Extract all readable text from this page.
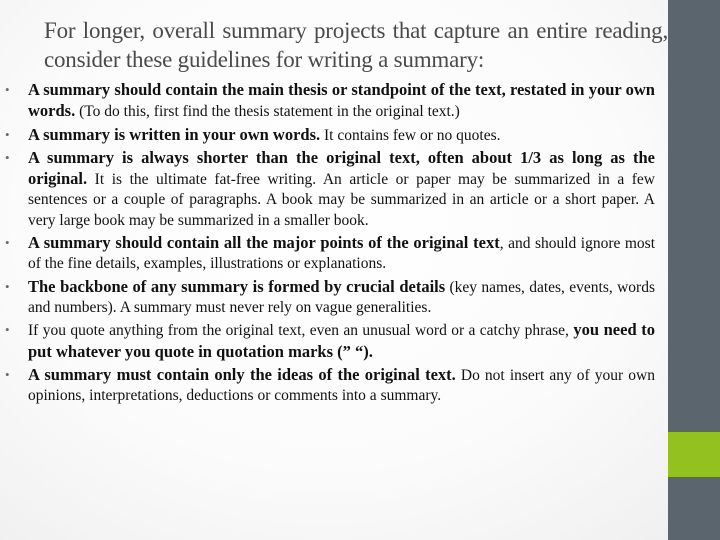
For longer, overall summary projects that capture an entire reading, consider these guidelines for writing a summary:
• A summary should contain the main thesis or standpoint of the text, restated in your own words. (To do this, first find the thesis statement in the original text.)
• A summary is written in your own words. It contains few or no quotes.
• A summary is always shorter than the original text, often about 1/3 as long as the original. It is the ultimate fat-free writing. An article or paper may be summarized in a few sentences or a couple of paragraphs. A book may be summarized in an article or a short paper. A very large book may be summarized in a smaller book.
• A summary should contain all the major points of the original text, and should ignore most of the fine details, examples, illustrations or explanations.
• The backbone of any summary is formed by crucial details (key names, dates, events, words and numbers). A summary must never rely on vague generalities.
• If you quote anything from the original text, even an unusual word or a catchy phrase, you need to put whatever you quote in quotation marks (” “).
• A summary must contain only the ideas of the original text. Do not insert any of your own opinions, interpretations, deductions or comments into a summary.
